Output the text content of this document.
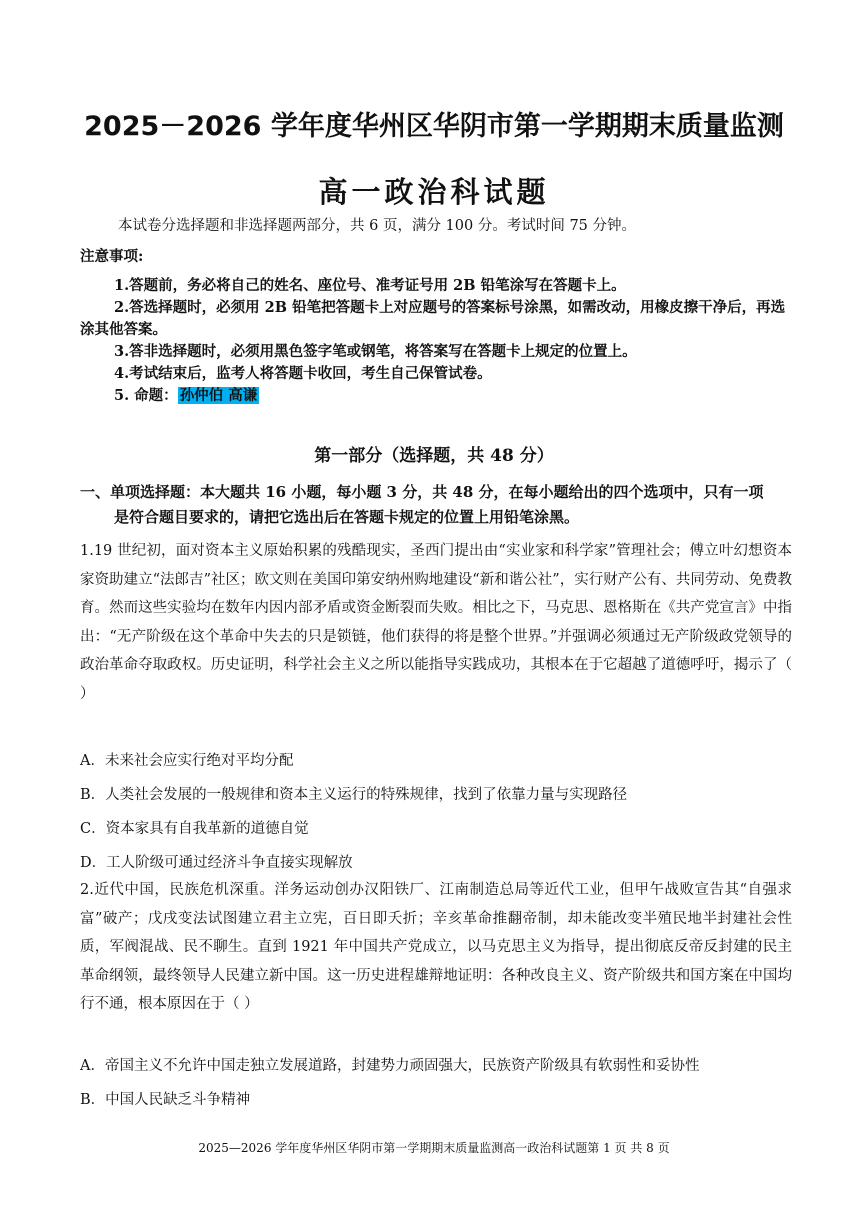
2025－2026 学年度华州区华阴市第一学期期末质量监测
高一政治科试题
本试卷分选择题和非选择题两部分，共 6 页，满分 100 分。考试时间 75 分钟。
注意事项:
1.答题前，务必将自己的姓名、座位号、准考证号用 2B 铅笔涂写在答题卡上。
2.答选择题时，必须用 2B 铅笔把答题卡上对应题号的答案标号涂黑，如需改动，用橡皮擦干净后，再选涂其他答案。
3.答非选择题时，必须用黑色签字笔或钢笔，将答案写在答题卡上规定的位置上。
4.考试结束后，监考人将答题卡收回，考生自己保管试卷。
5. 命题： 孙仲伯 高谦
第一部分（选择题，共 48 分）
一、单项选择题：本大题共 16 小题，每小题 3 分，共 48 分，在每小题给出的四个选项中，只有一项
是符合题目要求的，请把它选出后在答题卡规定的位置上用铅笔涂黑。

1.19 世纪初，面对资本主义原始积累的残酷现实，圣西门提出由“实业家和科学家”管理社会；傅立叶幻想资本家资助建立“法郎吉”社区；欧文则在美国印第安纳州购地建设“新和谐公社”，实行财产公有、共同劳动、免费教育。然而这些实验均在数年内因内部矛盾或资金断裂而失败。相比之下，马克思、恩格斯在《共产党宣言》中指出：“无产阶级在这个革命中失去的只是锁链，他们获得的将是整个世界。”并强调必须通过无产阶级政党领导的政治革命夺取政权。历史证明，科学社会主义之所以能指导实践成功，其根本在于它超越了道德呼吁，揭示了（ ）

A．未来社会应实行绝对平均分配
B．人类社会发展的一般规律和资本主义运行的特殊规律，找到了依靠力量与实现路径
C．资本家具有自我革新的道德自觉
D．工人阶级可通过经济斗争直接实现解放

2.近代中国，民族危机深重。洋务运动创办汉阳铁厂、江南制造总局等近代工业，但甲午战败宣告其“自强求富”破产；戊戌变法试图建立君主立宪，百日即夭折；辛亥革命推翻帝制，却未能改变半殖民地半封建社会性质，军阀混战、民不聊生。直到 1921 年中国共产党成立，以马克思主义为指导，提出彻底反帝反封建的民主革命纲领，最终领导人民建立新中国。这一历史进程雄辩地证明：各种改良主义、资产阶级共和国方案在中国均行不通，根本原因在于（ ）

A．帝国主义不允许中国走独立发展道路，封建势力顽固强大，民族资产阶级具有软弱性和妥协性
B．中国人民缺乏斗争精神
2025—2026 学年度华州区华阴市第一学期期末质量监测高一政治科试题第 1 页 共 8 页
